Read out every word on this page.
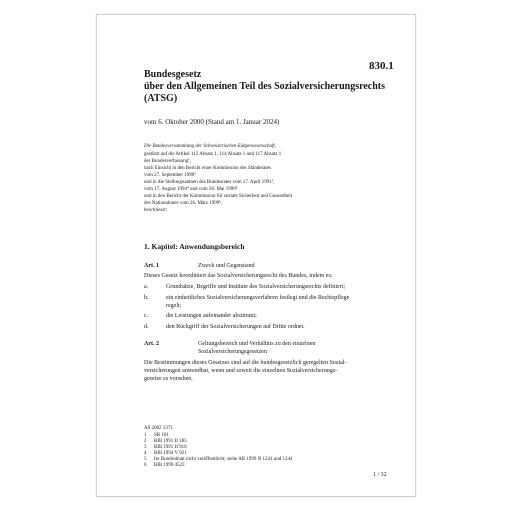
830.1
Bundesgesetz
über den Allgemeinen Teil des Sozialversicherungsrechts
(ATSG)
vom 6. Oktober 2000 (Stand am 1. Januar 2024)
Die Bundesversammlung der Schweizerischen Eidgenossenschaft,
gestützt auf die Artikel 112 Absatz 1, 114 Absatz 1 und 117 Absatz 1
der Bundesverfassung¹,
nach Einsicht in den Bericht einer Kommission des Ständerates
vom 27. September 1990²
und in die Stellungnahmen des Bundesrates vom 17. April 1991³,
vom 17. August 1994⁴ und vom 26. Mai 1999⁵
und in den Bericht der Kommission für soziale Sicherheit und Gesundheit
des Nationalrates vom 26. März 1999⁶,
beschliesst:
1. Kapitel: Anwendungsbereich
Art. 1	Zweck und Gegenstand
Dieses Gesetz koordiniert das Sozialversicherungsrecht des Bundes, indem es:
a.	Grundsätze, Begriffe und Institute des Sozialversicherungsrechts definiert;
b.	ein einheitliches Sozialversicherungsverfahren festlegt und die Rechtspflege
regelt;
c.	die Leistungen aufeinander abstimmt;
d.	den Rückgriff der Sozialversicherungen auf Dritte ordnet.
Art. 2	Geltungsbereich und Verhältnis zu den einzelnen
Sozialversicherungsgesetzen
Die Bestimmungen dieses Gesetzes sind auf die bundesgesetzlich geregelten Sozial-
versicherungen anwendbar, wenn und soweit die einzelnen Sozialversicherungs-
gesetze es vorsehen.
AS 2002 3371
1 SR 101
2 BBl 1991 II 185
3 BBl 1991 II 910
4 BBl 1994 V 921
5 Im Bundesblatt nicht veröffentlicht; siehe AB 1999 N 1241 und 1244
6 BBl 1999 4523
1 / 32
